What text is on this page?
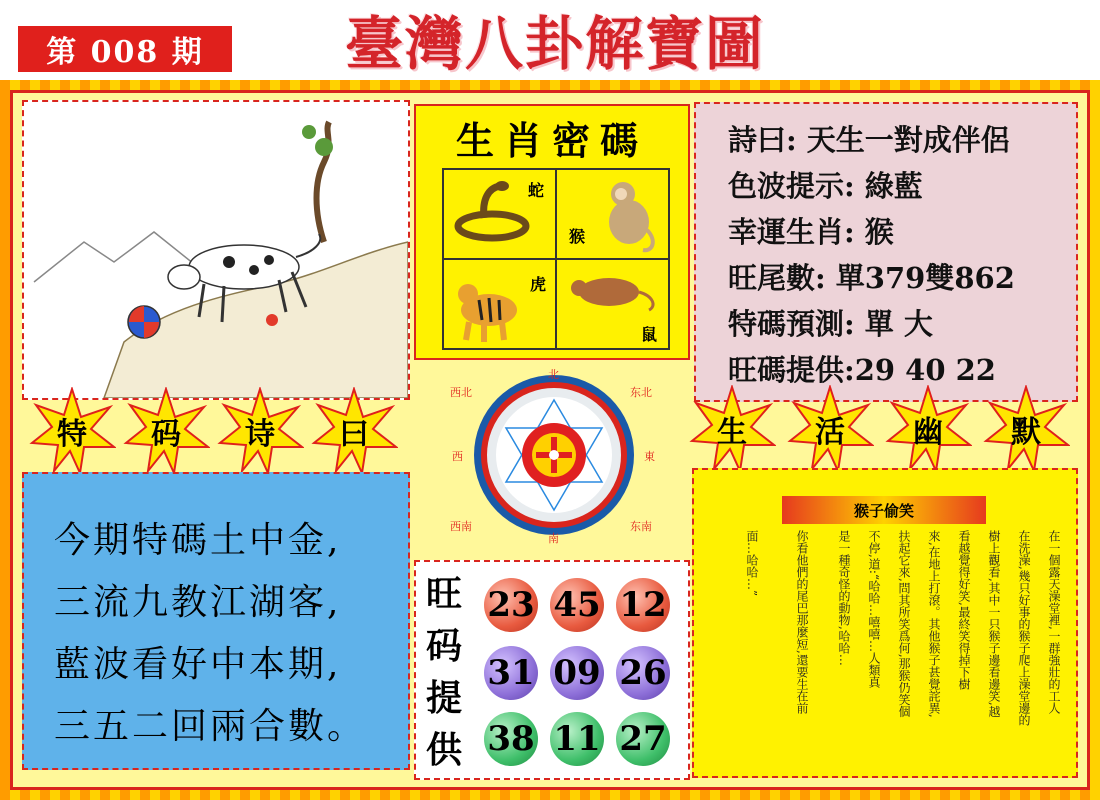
第 008 期	臺灣八卦解寶圖
生肖密碼
蛇
猴
虎
鼠
詩曰: 天生一對成伴侶
色波提示: 綠藍
幸運生肖: 猴
旺尾數: 單379雙862
特碼預測: 單 大
旺碼提供:29 40 22
特	码	诗	曰	生	活	幽	默
今期特碼土中金,
三流九教江湖客,
藍波看好中本期,
三五二回兩合數。
西北	东北
西南	东南
北
西	東
南
旺
码
提
供
23 45 12
31 09 26
38 11 27
猴子偷笑
在一個露天澡堂裡,一群強壯的工人
在洗澡,幾只好事的猴子爬上澡堂邊的
樹上觀看,其中一只猴子邊看邊笑,越
看越覺得好笑,最終笑得掉下樹
來,在地上打滾。其他猴子甚覺詫異,
扶起它來,問其所笑爲何,那猴仍笑個
不停,道:“哈哈…嘻嘻…人類真
是一種奇怪的動物,哈哈…
你看他們的尾巴那麼短,還要生在前
面…哈哈…”
